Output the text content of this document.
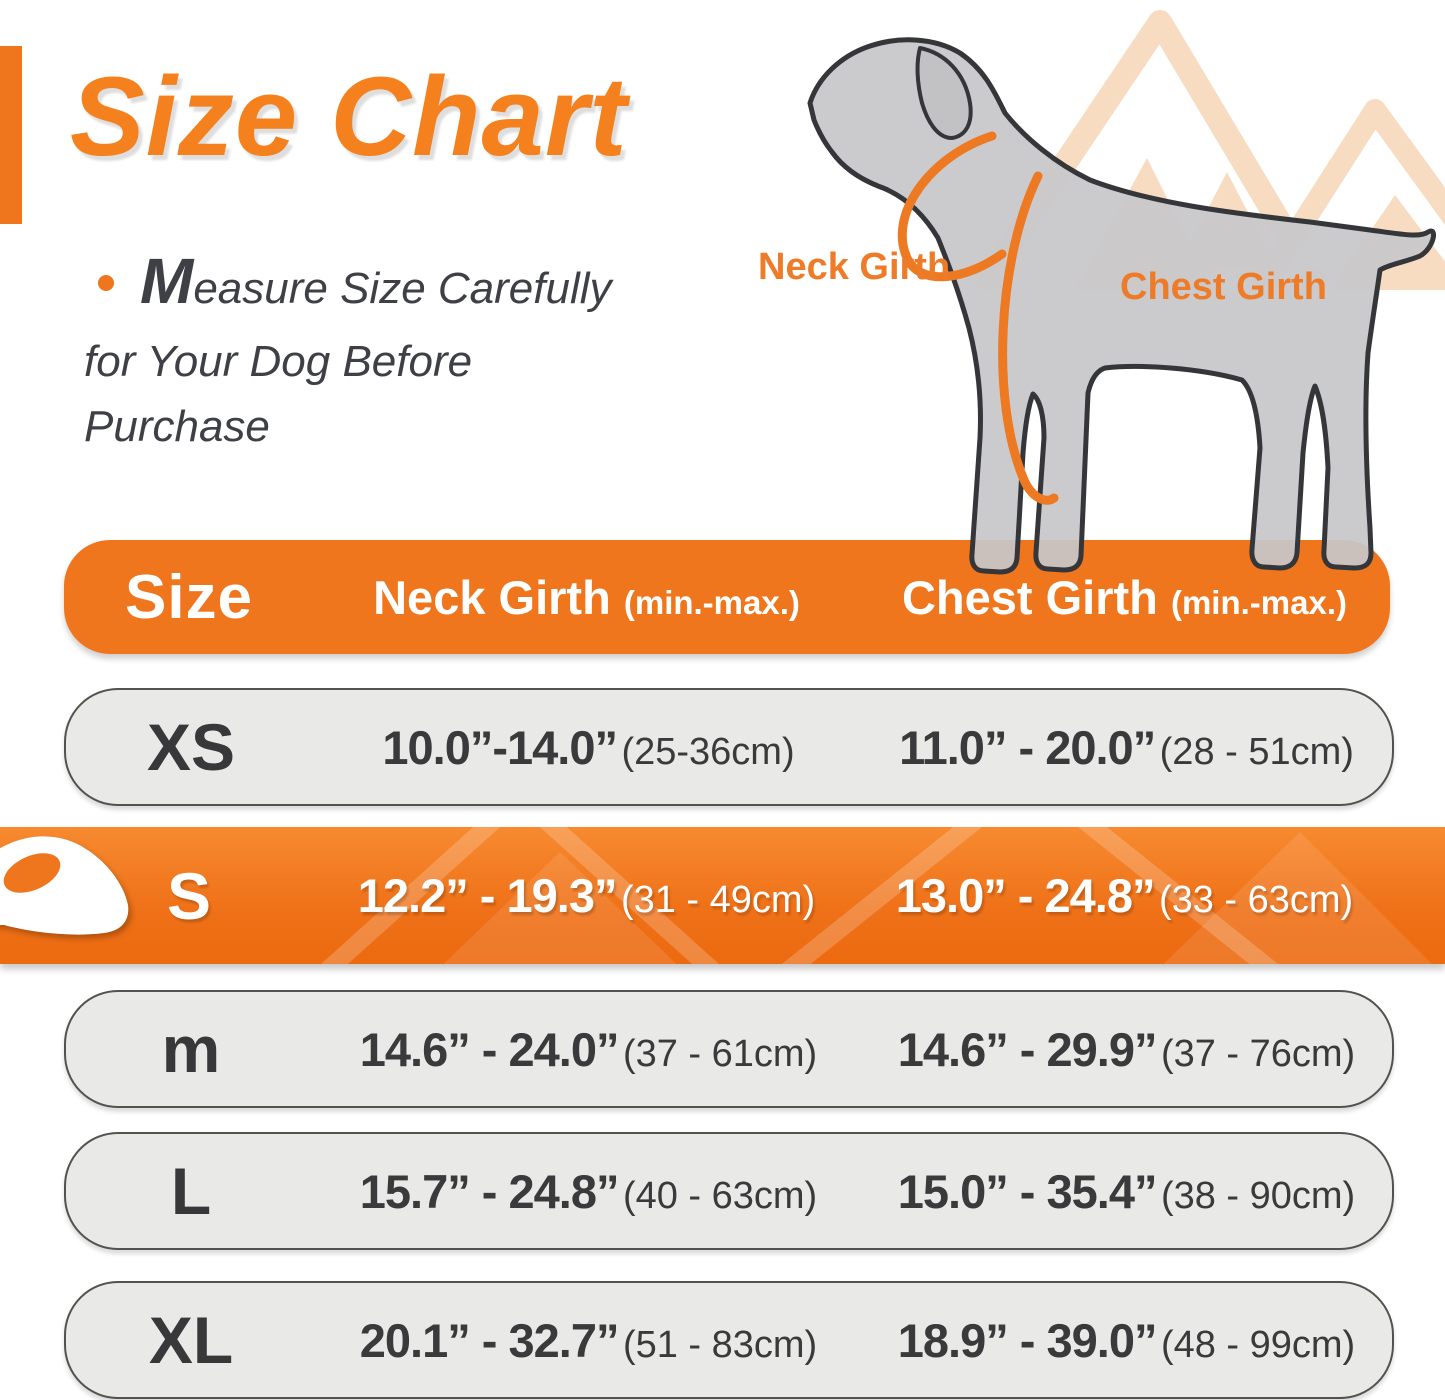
Size Chart
Measure Size Carefully
for Your Dog Before
Purchase
Neck Girth	Chest Girth
Size	Neck Girth (min.-max.)	Chest Girth (min.-max.)
XS	10.0”-14.0” (25-36cm)	11.0” - 20.0” (28 - 51cm)
S	12.2” - 19.3” (31 - 49cm)	13.0” - 24.8” (33 - 63cm)
m	14.6” - 24.0” (37 - 61cm)	14.6” - 29.9” (37 - 76cm)
L	15.7” - 24.8” (40 - 63cm)	15.0” - 35.4” (38 - 90cm)
XL	20.1” - 32.7” (51 - 83cm)	18.9” - 39.0” (48 - 99cm)
